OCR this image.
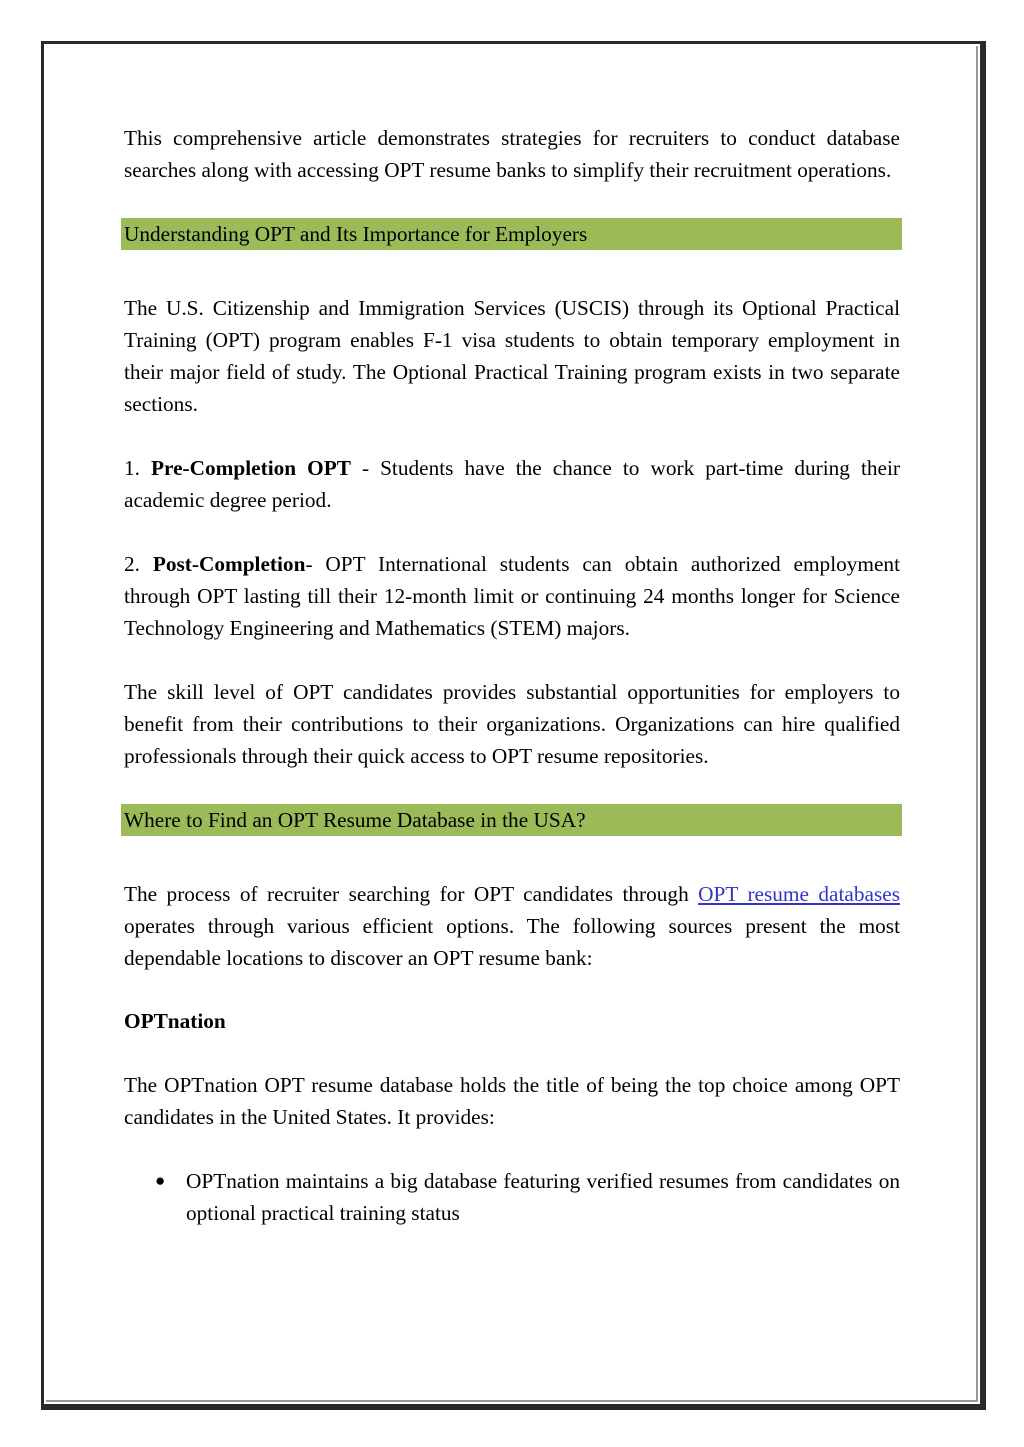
This comprehensive article demonstrates strategies for recruiters to conduct database searches along with accessing OPT resume banks to simplify their recruitment operations.

Understanding OPT and Its Importance for Employers

The U.S. Citizenship and Immigration Services (USCIS) through its Optional Practical Training (OPT) program enables F-1 visa students to obtain temporary employment in their major field of study. The Optional Practical Training program exists in two separate sections.

1. Pre-Completion OPT - Students have the chance to work part-time during their academic degree period.

2. Post-Completion- OPT International students can obtain authorized employment through OPT lasting till their 12-month limit or continuing 24 months longer for Science Technology Engineering and Mathematics (STEM) majors.

The skill level of OPT candidates provides substantial opportunities for employers to benefit from their contributions to their organizations. Organizations can hire qualified professionals through their quick access to OPT resume repositories.

Where to Find an OPT Resume Database in the USA?

The process of recruiter searching for OPT candidates through OPT resume databases operates through various efficient options. The following sources present the most dependable locations to discover an OPT resume bank:

OPTnation

The OPTnation OPT resume database holds the title of being the top choice among OPT candidates in the United States. It provides:

● OPTnation maintains a big database featuring verified resumes from candidates on optional practical training status
